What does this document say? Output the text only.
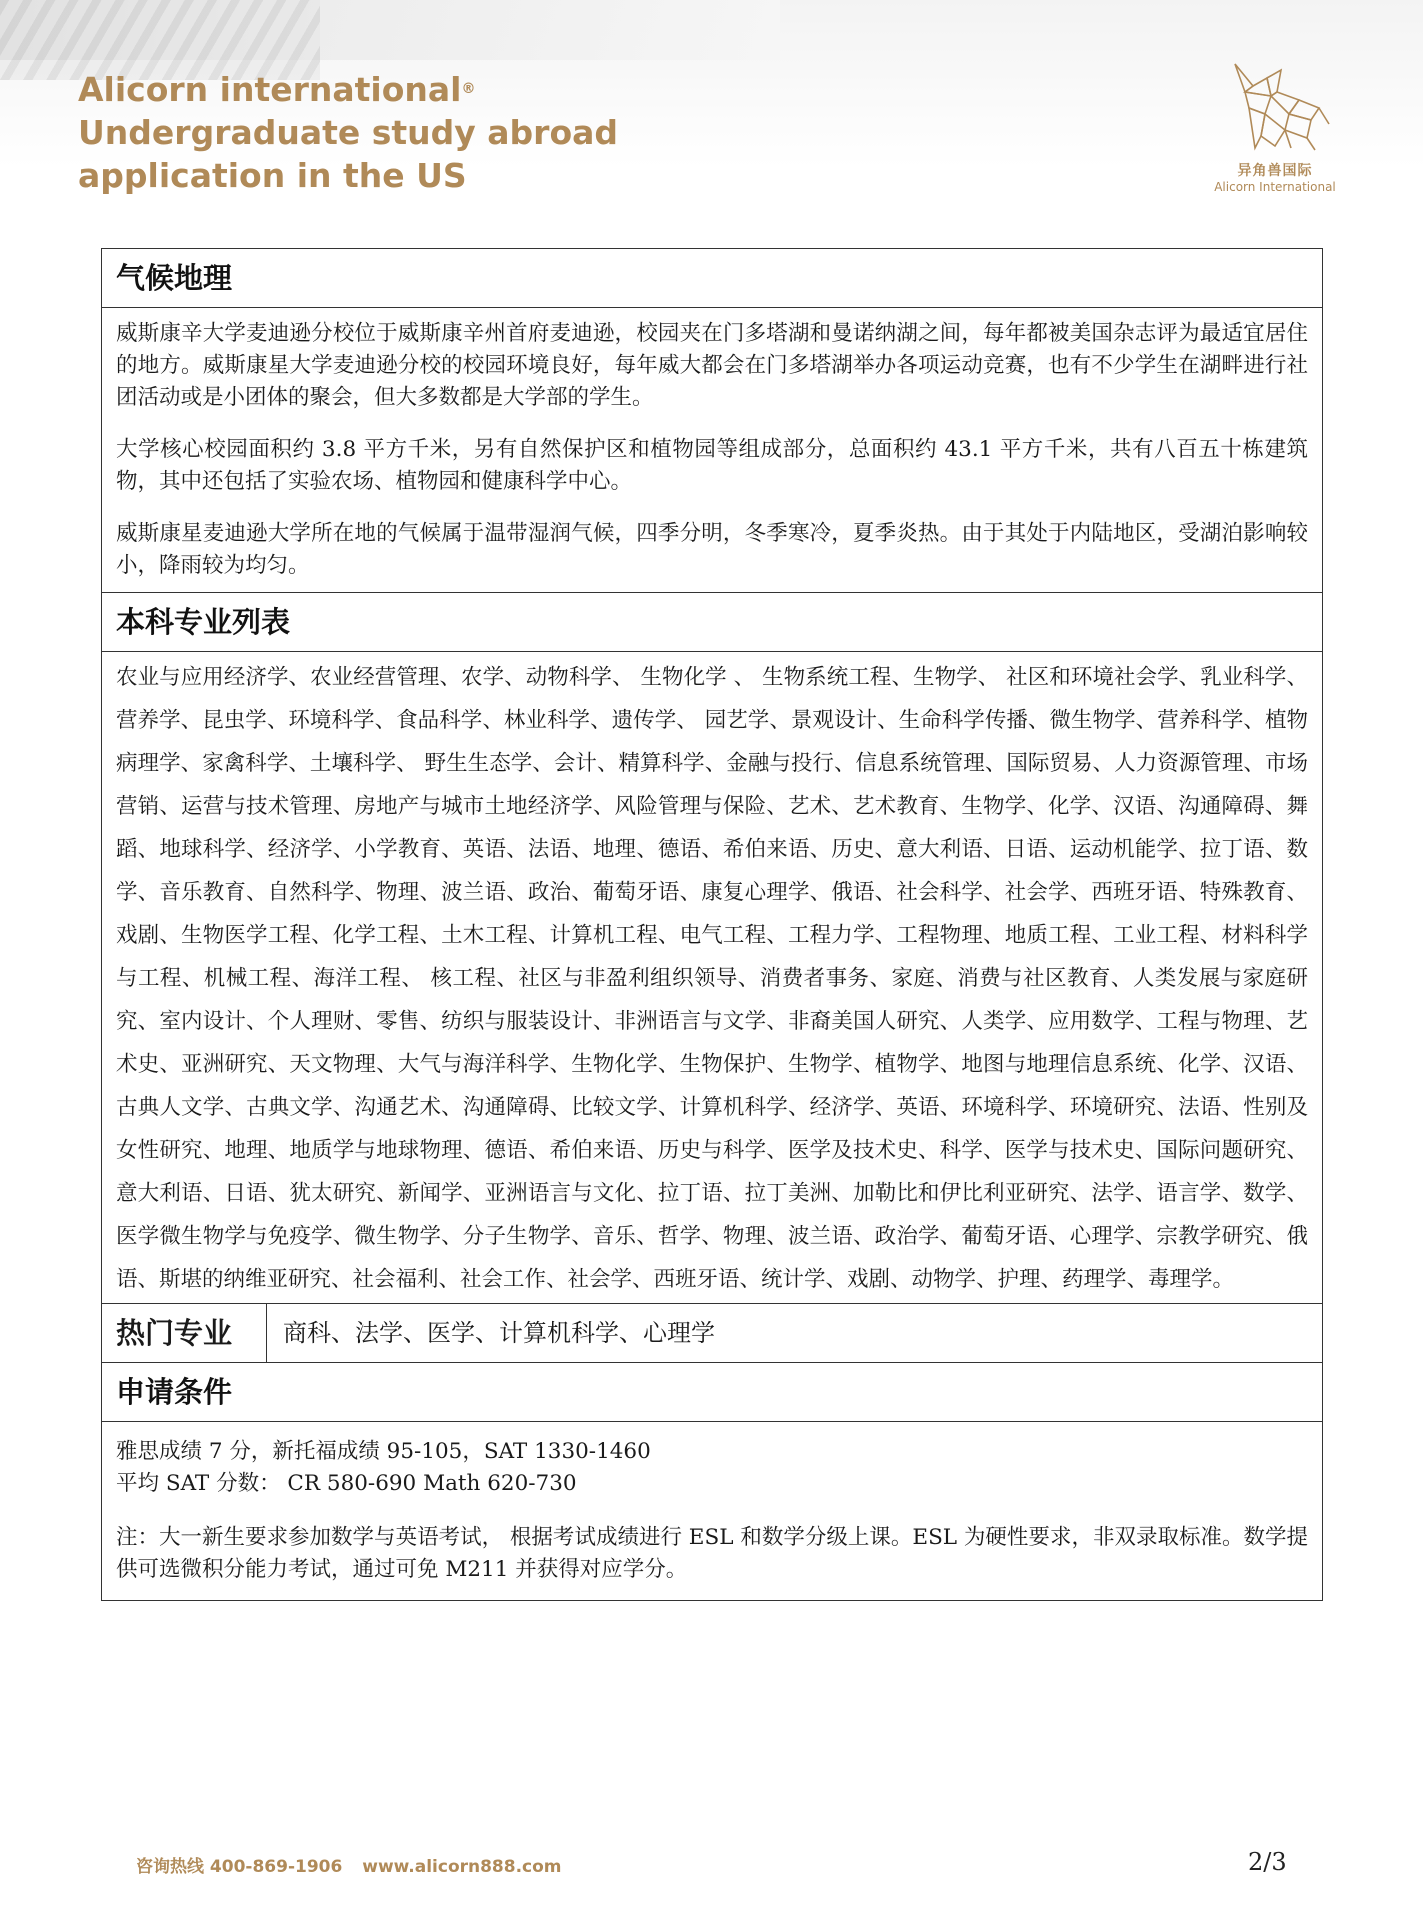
Alicorn international®
Undergraduate study abroad
application in the US	异角兽国际
Alicorn International
气候地理

威斯康辛大学麦迪逊分校位于威斯康辛州首府麦迪逊，校园夹在门多塔湖和曼诺纳湖之间，每年都被美国杂志评为最适宜居住的地方。威斯康星大学麦迪逊分校的校园环境良好，每年威大都会在门多塔湖举办各项运动竞赛，也有不少学生在湖畔进行社团活动或是小团体的聚会，但大多数都是大学部的学生。

大学核心校园面积约 3.8 平方千米，另有自然保护区和植物园等组成部分，总面积约 43.1 平方千米，共有八百五十栋建筑物，其中还包括了实验农场、植物园和健康科学中心。

威斯康星麦迪逊大学所在地的气候属于温带湿润气候，四季分明，冬季寒冷，夏季炎热。由于其处于内陆地区，受湖泊影响较小，降雨较为均匀。

本科专业列表
农业与应用经济学、农业经营管理、农学、动物科学、 生物化学 、 生物系统工程、生物学、 社区和环境社会学、乳业科学、营养学、昆虫学、环境科学、食品科学、林业科学、遗传学、 园艺学、景观设计、生命科学传播、微生物学、营养科学、植物病理学、家禽科学、土壤科学、 野生生态学、会计、精算科学、金融与投行、信息系统管理、国际贸易、人力资源管理、市场营销、运营与技术管理、房地产与城市土地经济学、风险管理与保险、艺术、艺术教育、生物学、化学、汉语、沟通障碍、舞蹈、地球科学、经济学、小学教育、英语、法语、地理、德语、希伯来语、历史、意大利语、日语、运动机能学、拉丁语、数学、音乐教育、自然科学、物理、波兰语、政治、葡萄牙语、康复心理学、俄语、社会科学、社会学、西班牙语、特殊教育、戏剧、生物医学工程、化学工程、土木工程、计算机工程、电气工程、工程力学、工程物理、地质工程、工业工程、材料科学与工程、机械工程、海洋工程、 核工程、社区与非盈利组织领导、消费者事务、家庭、消费与社区教育、人类发展与家庭研究、室内设计、个人理财、零售、纺织与服装设计、非洲语言与文学、非裔美国人研究、人类学、应用数学、工程与物理、艺术史、亚洲研究、天文物理、大气与海洋科学、生物化学、生物保护、生物学、植物学、地图与地理信息系统、化学、汉语、古典人文学、古典文学、沟通艺术、沟通障碍、比较文学、计算机科学、经济学、英语、环境科学、环境研究、法语、性别及女性研究、地理、地质学与地球物理、德语、希伯来语、历史与科学、医学及技术史、科学、医学与技术史、国际问题研究、意大利语、日语、犹太研究、新闻学、亚洲语言与文化、拉丁语、拉丁美洲、加勒比和伊比利亚研究、法学、语言学、数学、医学微生物学与免疫学、微生物学、分子生物学、音乐、哲学、物理、波兰语、政治学、葡萄牙语、心理学、宗教学研究、俄语、斯堪的纳维亚研究、社会福利、社会工作、社会学、西班牙语、统计学、戏剧、动物学、护理、药理学、毒理学。
热门专业	商科、法学、医学、计算机科学、心理学
申请条件
雅思成绩 7 分，新托福成绩 95-105，SAT 1330-1460
平均 SAT 分数： CR 580-690 Math 620-730
注：大一新生要求参加数学与英语考试， 根据考试成绩进行 ESL 和数学分级上课。ESL 为硬性要求，非双录取标准。数学提供可选微积分能力考试，通过可免 M211 并获得对应学分。
咨询热线 400-869-1906 www.alicorn888.com	2/3
